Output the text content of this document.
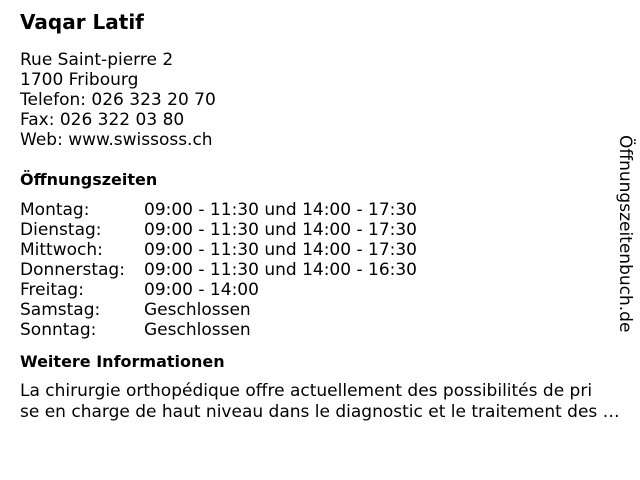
Vaqar Latif
Rue Saint-pierre 2
1700 Fribourg
Telefon: 026 323 20 70
Fax: 026 322 03 80
Web: www.swissoss.ch
Öffnungszeiten
Montag:	09:00 - 11:30 und 14:00 - 17:30
Dienstag:	09:00 - 11:30 und 14:00 - 17:30
Mittwoch:	09:00 - 11:30 und 14:00 - 17:30
Donnerstag:	09:00 - 11:30 und 14:00 - 16:30
Freitag:	09:00 - 14:00
Samstag:	Geschlossen
Sonntag:	Geschlossen
Weitere Informationen
La chirurgie orthopédique offre actuellement des possibilités de pri
se en charge de haut niveau dans le diagnostic et le traitement des …
Öffnungszeitenbuch.de
